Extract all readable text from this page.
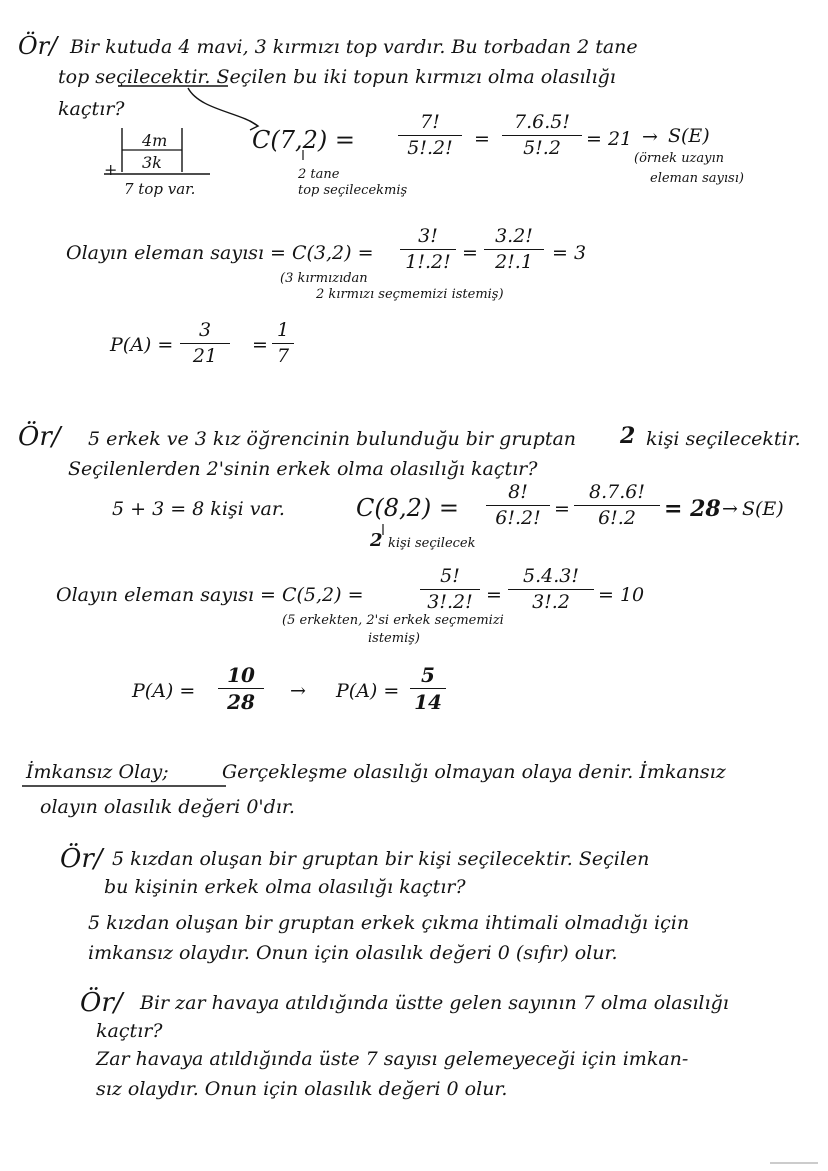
Ör/ Bir kutuda 4 mavi, 3 kırmızı top vardır. Bu torbadan 2 tane
top seçilecektir. Seçilen bu iki topun kırmızı olma olasılığı
kaçtır?
4m
3k
+
7 top var.
C(7,2) =
7!
5!.2!	=
7.6.5!
5!.2	= 21 → S(E)
(örnek uzayın
eleman sayısı)
2 tane
top seçilecekmiş
Olayın eleman sayısı = C(3,2) =
3!
1!.2! =
3.2!
2!.1	= 3
(3 kırmızıdan
2 kırmızı seçmemizi istemiş)
P(A) =
3
21	=
1
7
Ör/ 5 erkek ve 3 kız öğrencinin bulunduğu bir gruptan 2 kişi seçilecektir.
Seçilenlerden 2'sinin erkek olma olasılığı kaçtır?
5 + 3 = 8 kişi var.	C(8,2) =
8!
6!.2! =
8.7.6!
6!.2	= 28 → S(E)
2 kişi seçilecek
Olayın eleman sayısı = C(5,2) =
5!
3!.2! =
5.4.3!
3!.2	= 10
(5 erkekten, 2'si erkek seçmemizi
istemiş)
P(A) =
10
28	→ P(A) =
5
14
İmkansız Olay;	Gerçekleşme olasılığı olmayan olaya denir. İmkansız
olayın olasılık değeri 0'dır.
Ör/ 5 kızdan oluşan bir gruptan bir kişi seçilecektir. Seçilen
bu kişinin erkek olma olasılığı kaçtır?
5 kızdan oluşan bir gruptan erkek çıkma ihtimali olmadığı için
imkansız olaydır. Onun için olasılık değeri 0 (sıfır) olur.
Ör/ Bir zar havaya atıldığında üstte gelen sayının 7 olma olasılığı
kaçtır?
Zar havaya atıldığında üste 7 sayısı gelemeyeceği için imkan-
sız olaydır. Onun için olasılık değeri 0 olur.
